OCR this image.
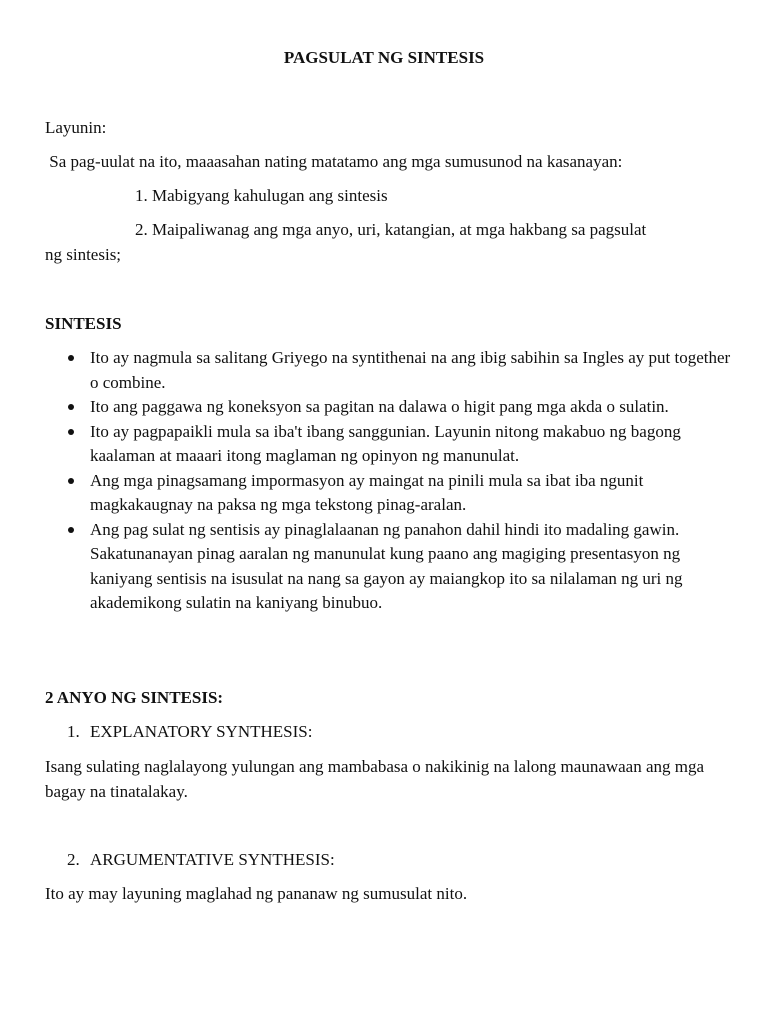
PAGSULAT NG SINTESIS

Layunin:

Sa pag-uulat na ito, maaasahan nating matatamo ang mga sumusunod na kasanayan:

1. Mabigyang kahulugan ang sintesis

2. Maipaliwanag ang mga anyo, uri, katangian, at mga hakbang sa pagsulat

ng sintesis;

SINTESIS

Ito ay nagmula sa salitang Griyego na syntithenai na ang ibig sabihin sa Ingles ay put together o combine.
Ito ang paggawa ng koneksyon sa pagitan na dalawa o higit pang mga akda o sulatin.
Ito ay pagpapaikli mula sa iba't ibang sanggunian. Layunin nitong makabuo ng bagong kaalaman at maaari itong maglaman ng opinyon ng manunulat.
Ang mga pinagsamang impormasyon ay maingat na pinili mula sa ibat iba ngunit magkakaugnay na paksa ng mga tekstong pinag-aralan.
Ang pag sulat ng sentisis ay pinaglalaanan ng panahon dahil hindi ito madaling gawin. Sakatunanayan pinag aaralan ng manunulat kung paano ang magiging presentasyon ng kaniyang sentisis na isusulat na nang sa gayon ay maiangkop ito sa nilalaman ng uri ng akademikong sulatin na kaniyang binubuo.

2 ANYO NG SINTESIS:

1. EXPLANATORY SYNTHESIS:

Isang sulating naglalayong yulungan ang mambabasa o nakikinig na lalong maunawaan ang mga bagay na tinatalakay.

2. ARGUMENTATIVE SYNTHESIS:

Ito ay may layuning maglahad ng pananaw ng sumusulat nito.
